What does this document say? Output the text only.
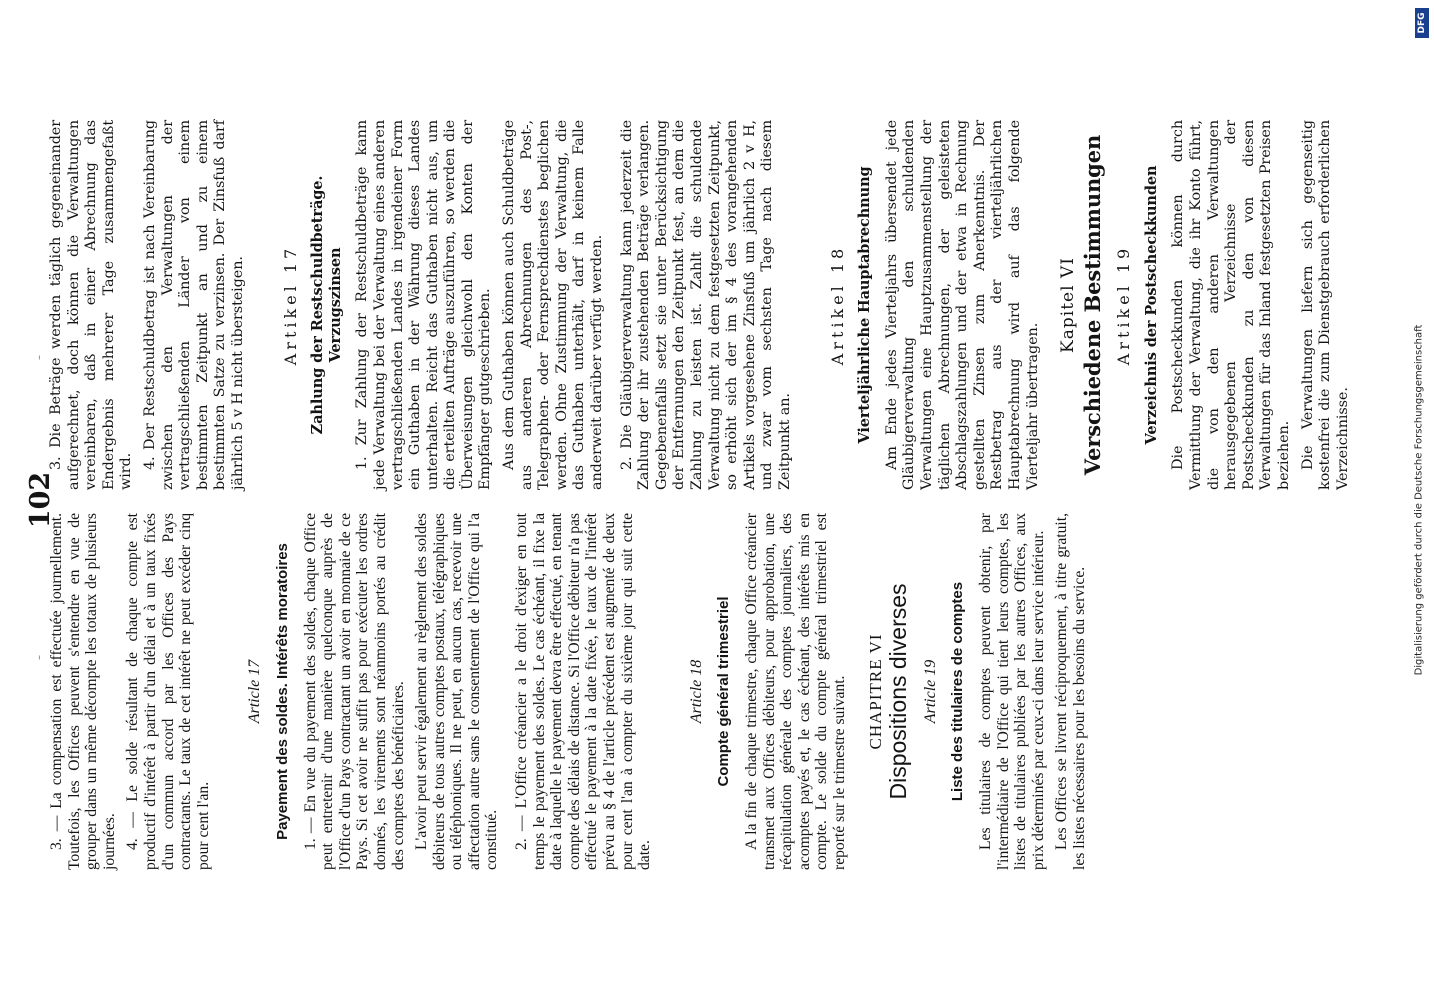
–
102
–

3. — La compensation est effectuée journellement. Toutefois, les Offices peuvent s'entendre en vue de grouper dans un même décompte les totaux de plusieurs journées. 4. — Le solde résultant de chaque compte est productif d'intérêt à partir d'un délai et à un taux fixés d'un commun accord par les Offices des Pays contractants. Le taux de cet intérêt ne peut excéder cinq pour cent l'an.

Article 17 Payement des soldes. Intérêts moratoires 1. — En vue du payement des soldes, chaque Office peut entretenir d'une manière quelconque auprès de l'Office d'un Pays contractant un avoir en monnaie de ce Pays. Si cet avoir ne suffit pas pour exécuter les ordres donnés, les virements sont néanmoins portés au crédit des comptes des bénéficiaires. L'avoir peut servir également au règlement des soldes débiteurs de tous autres comptes postaux, télégraphiques ou téléphoniques. Il ne peut, en aucun cas, recevoir une affectation autre sans le consentement de l'Office qui l'a constitué. 2. — L'Office créancier a le droit d'exiger en tout temps le payement des soldes. Le cas échéant, il fixe la date à laquelle le payement devra être effectué, en tenant compte des délais de distance. Si l'Office débiteur n'a pas effectué le payement à la date fixée, le taux de l'intérêt prévu au § 4 de l'article précédent est augmenté de deux pour cent l'an à compter du sixième jour qui suit cette date.

Article 18 Compte général trimestriel A la fin de chaque trimestre, chaque Office créancier transmet aux Offices débiteurs, pour approbation, une récapitulation générale des comptes journaliers, des acomptes payés et, le cas échéant, des intérêts mis en compte. Le solde du compte général trimestriel est reporté sur le trimestre suivant. CHAPITRE VI Dispositions diverses Article 19 Liste des titulaires de comptes Les titulaires de comptes peuvent obtenir, par l'intermédiaire de l'Office qui tient leurs comptes, les listes de titulaires publiées par les autres Offices, aux prix déterminés par ceux-ci dans leur service intérieur. Les Offices se livrent réciproquement, à titre gratuit, les listes nécessaires pour les besoins du service.

3. Die Beträge werden täglich gegeneinander aufgerechnet, doch können die Verwaltungen vereinbaren, daß in einer Abrechnung das Endergebnis mehrerer Tage zusammengefaßt wird.

4. Der Restschuldbetrag ist nach Vereinbarung zwischen den Verwaltungen der vertragschließenden Länder von einem bestimmten Zeitpunkt an und zu einem bestimmten Satze zu verzinsen. Der Zinsfuß darf jährlich 5 v H nicht übersteigen. Artikel 17 Zahlung der Restschuldbeträge. Verzugszinsen 1. Zur Zahlung der Restschuldbeträge kann jede Verwaltung bei der Verwaltung eines anderen vertragschließenden Landes in irgendeiner Form ein Guthaben in der Währung dieses Landes unterhalten. Reicht das Guthaben nicht aus, um die erteilten Aufträge auszuführen, so werden die Überweisungen gleichwohl den Konten der Empfänger gutgeschrieben. Aus dem Guthaben können auch Schuldbeträge aus anderen Abrechnungen des Post-, Telegraphen- oder Fernsprechdienstes beglichen werden. Ohne Zustimmung der Verwaltung, die das Guthaben unterhält, darf in keinem Falle anderweit darüber verfügt werden. 2. Die Gläubigerverwaltung kann jederzeit die Zahlung der ihr zustehenden Beträge verlangen. Gegebenenfalls setzt sie unter Berücksichtigung der Entfernungen den Zeitpunkt fest, an dem die Zahlung zu leisten ist. Zahlt die schuldende Verwaltung nicht zu dem festgesetzten Zeitpunkt, so erhöht sich der im § 4 des vorangehenden Artikels vorgesehene Zinsfuß um jährlich 2 v H, und zwar vom sechsten Tage nach diesem Zeitpunkt an.

Artikel 18 Vierteljährliche Hauptabrechnung Am Ende jedes Vierteljahrs übersendet jede Gläubigerverwaltung den schuldenden Verwaltungen eine Hauptzusammenstellung der täglichen Abrechnungen, der geleisteten Abschlagszahlungen und der etwa in Rechnung gestellten Zinsen zum Anerkenntnis. Der Restbetrag aus der vierteljährlichen Hauptabrechnung wird auf das folgende Vierteljahr übertragen.

Kapitel VI Verschiedene Bestimmungen Artikel 19 Verzeichnis der Postscheckkunden Die Postscheckkunden können durch Vermittlung der Verwaltung, die ihr Konto führt, die von den anderen Verwaltungen herausgegebenen Verzeichnisse der Postscheckkunden zu den von diesen Verwaltungen für das Inland festgesetzten Preisen beziehen. Die Verwaltungen liefern sich gegenseitig kostenfrei die zum Dienstgebrauch erforderlichen Verzeichnisse.	Digitalisierung gefördert durch die Deutsche Forschungsgemeinschaft
DFG
